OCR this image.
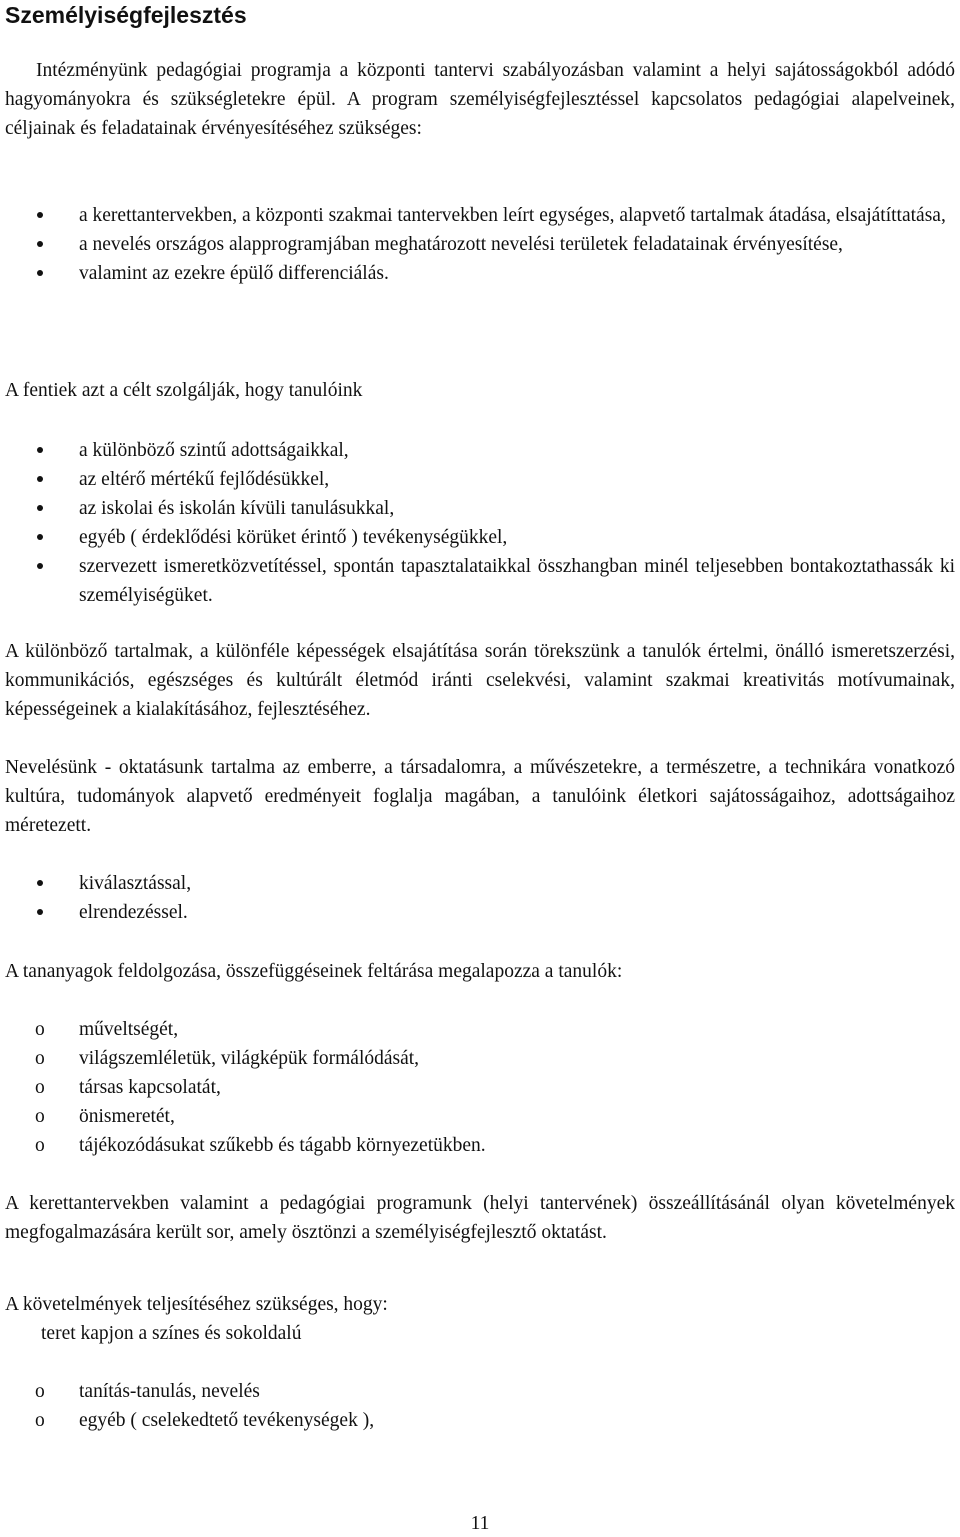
Személyiségfejlesztés

Intézményünk pedagógiai programja a központi tantervi szabályozásban valamint a helyi sajátosságokból adódó hagyományokra és szükségletekre épül. A program személyiségfejlesztéssel kapcsolatos pedagógiai alapelveinek, céljainak és feladatainak érvényesítéséhez szükséges:

a kerettantervekben, a központi szakmai tantervekben leírt egységes, alapvető tartalmak átadása, elsajátíttatása,
a nevelés országos alapprogramjában meghatározott nevelési területek feladatainak érvényesítése,
valamint az ezekre épülő differenciálás.

A fentiek azt a célt szolgálják, hogy tanulóink

a különböző szintű adottságaikkal,
az eltérő mértékű fejlődésükkel,
az iskolai és iskolán kívüli tanulásukkal,
egyéb ( érdeklődési körüket érintő ) tevékenységükkel,
szervezett ismeretközvetítéssel, spontán tapasztalataikkal összhangban minél teljesebben bontakoztathassák ki személyiségüket.

A különböző tartalmak, a különféle képességek elsajátítása során törekszünk a tanulók értelmi, önálló ismeretszerzési, kommunikációs, egészséges és kultúrált életmód iránti cselekvési, valamint szakmai kreativitás motívumainak, képességeinek a kialakításához, fejlesztéséhez.

Nevelésünk - oktatásunk tartalma az emberre, a társadalomra, a művészetekre, a természetre, a technikára vonatkozó kultúra, tudományok alapvető eredményeit foglalja magában, a tanulóink életkori sajátosságaihoz, adottságaihoz méretezett.

kiválasztással,
elrendezéssel.

A tananyagok feldolgozása, összefüggéseinek feltárása megalapozza a tanulók:

o	műveltségét,
o	világszemléletük, világképük formálódását,
o	társas kapcsolatát,
o	önismeretét,
o	tájékozódásukat szűkebb és tágabb környezetükben.

A kerettantervekben valamint a pedagógiai programunk (helyi tantervének) összeállításánál olyan követelmények megfogalmazására került sor, amely ösztönzi a személyiségfejlesztő oktatást.

A követelmények teljesítéséhez szükséges, hogy:

teret kapjon a színes és sokoldalú

o	tanítás-tanulás, nevelés
o	egyéb ( cselekedtető tevékenységek ),
11
